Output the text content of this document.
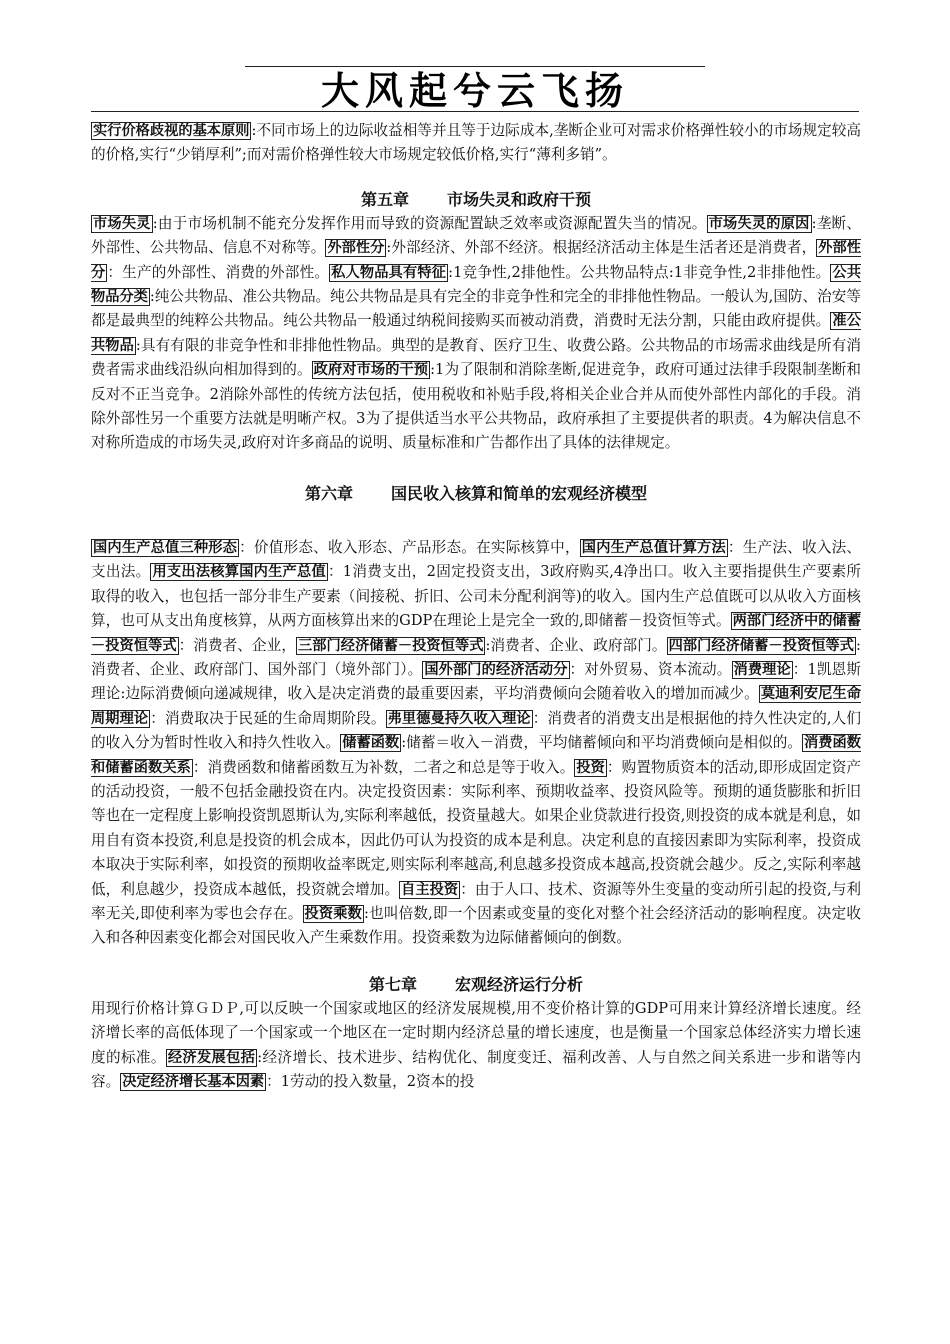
大风起兮云飞扬

实行价格歧视的基本原则 :不同市场上的边际收益相等并且等于边际成本,垄断企业可对需求价格弹性较小的市场规定较高的价格,实行“少销厚利”;而对需价格弹性较大市场规定较低价格,实行“薄利多销”。

第五章 市场失灵和政府干预

市场失灵 :由于市场机制不能充分发挥作用而导致的资源配置缺乏效率或资源配置失当的情况。 市场失灵的原因 :垄断、外部性、公共物品、信息不对称等。 外部性分 :外部经济、外部不经济。根据经济活动主体是生活者还是消费者， 外部性分 ：生产的外部性、消费的外部性。 私人物品具有特征 :1竞争性,2排他性。公共物品特点:1非竞争性,2非排他性。 公共物品分类 :纯公共物品、准公共物品。纯公共物品是具有完全的非竞争性和完全的非排他性物品。一般认为,国防、治安等都是最典型的纯粹公共物品。纯公共物品一般通过纳税间接购买而被动消费，消费时无法分割，只能由政府提供。 准公共物品 :具有有限的非竞争性和非排他性物品。典型的是教育、医疗卫生、收费公路。公共物品的市场需求曲线是所有消费者需求曲线沿纵向相加得到的。 政府对市场的干预 :1为了限制和消除垄断,促进竞争，政府可通过法律手段限制垄断和反对不正当竞争。2消除外部性的传统方法包括，使用税收和补贴手段,将相关企业合并从而使外部性内部化的手段。消除外部性另一个重要方法就是明晰产权。3为了提供适当水平公共物品，政府承担了主要提供者的职责。4为解决信息不对称所造成的市场失灵,政府对许多商品的说明、质量标准和广告都作出了具体的法律规定。

第六章 国民收入核算和简单的宏观经济模型

国内生产总值三种形态 ：价值形态、收入形态、产品形态。在实际核算中， 国内生产总值计算方法 ：生产法、收入法、支出法。 用支出法核算国内生产总值 ：1消费支出，2固定投资支出，3政府购买,4净出口。收入主要指提供生产要素所取得的收入，也包括一部分非生产要素（间接税、折旧、公司未分配利润等)的收入。国内生产总值既可以从收入方面核算，也可从支出角度核算，从两方面核算出来的GDP在理论上是完全一致的,即储蓄－投资恒等式。 两部门经济中的储蓄－投资恒等式 ：消费者、企业， 三部门经济储蓄－投资恒等式 :消费者、企业、政府部门。 四部门经济储蓄－投资恒等式 :消费者、企业、政府部门、国外部门（境外部门）。 国外部门的经济活动分 ：对外贸易、资本流动。 消费理论 ：1凯恩斯理论:边际消费倾向递减规律，收入是决定消费的最重要因素，平均消费倾向会随着收入的增加而减少。 莫迪利安尼生命周期理论 ：消费取决于民延的生命周期阶段。 弗里德曼持久收入理论 ：消费者的消费支出是根据他的持久性决定的,人们的收入分为暂时性收入和持久性收入。 储蓄函数 :储蓄＝收入－消费，平均储蓄倾向和平均消费倾向是相似的。 消费函数和储蓄函数关系 ：消费函数和储蓄函数互为补数，二者之和总是等于收入。 投资 ：购置物质资本的活动,即形成固定资产的活动投资，一般不包括金融投资在内。决定投资因素：实际利率、预期收益率、投资风险等。预期的通货膨胀和折旧等也在一定程度上影响投资凯恩斯认为,实际利率越低，投资量越大。如果企业贷款进行投资,则投资的成本就是利息，如用自有资本投资,利息是投资的机会成本，因此仍可认为投资的成本是利息。决定利息的直接因素即为实际利率，投资成本取决于实际利率，如投资的预期收益率既定,则实际利率越高,利息越多投资成本越高,投资就会越少。反之,实际利率越低，利息越少，投资成本越低，投资就会增加。 自主投资 ：由于人口、技术、资源等外生变量的变动所引起的投资,与利率无关,即使利率为零也会存在。 投资乘数 :也叫倍数,即一个因素或变量的变化对整个社会经济活动的影响程度。决定收入和各种因素变化都会对国民收入产生乘数作用。投资乘数为边际储蓄倾向的倒数。

第七章 宏观经济运行分析

用现行价格计算ＧＤＰ,可以反映一个国家或地区的经济发展规模,用不变价格计算的GDP可用来计算经济增长速度。经济增长率的高低体现了一个国家或一个地区在一定时期内经济总量的增长速度，也是衡量一个国家总体经济实力增长速度的标准。 经济发展包括 :经济增长、技术进步、结构优化、制度变迁、福利改善、人与自然之间关系进一步和谐等内容。 决定经济增长基本因素 ：1劳动的投入数量，2资本的投
